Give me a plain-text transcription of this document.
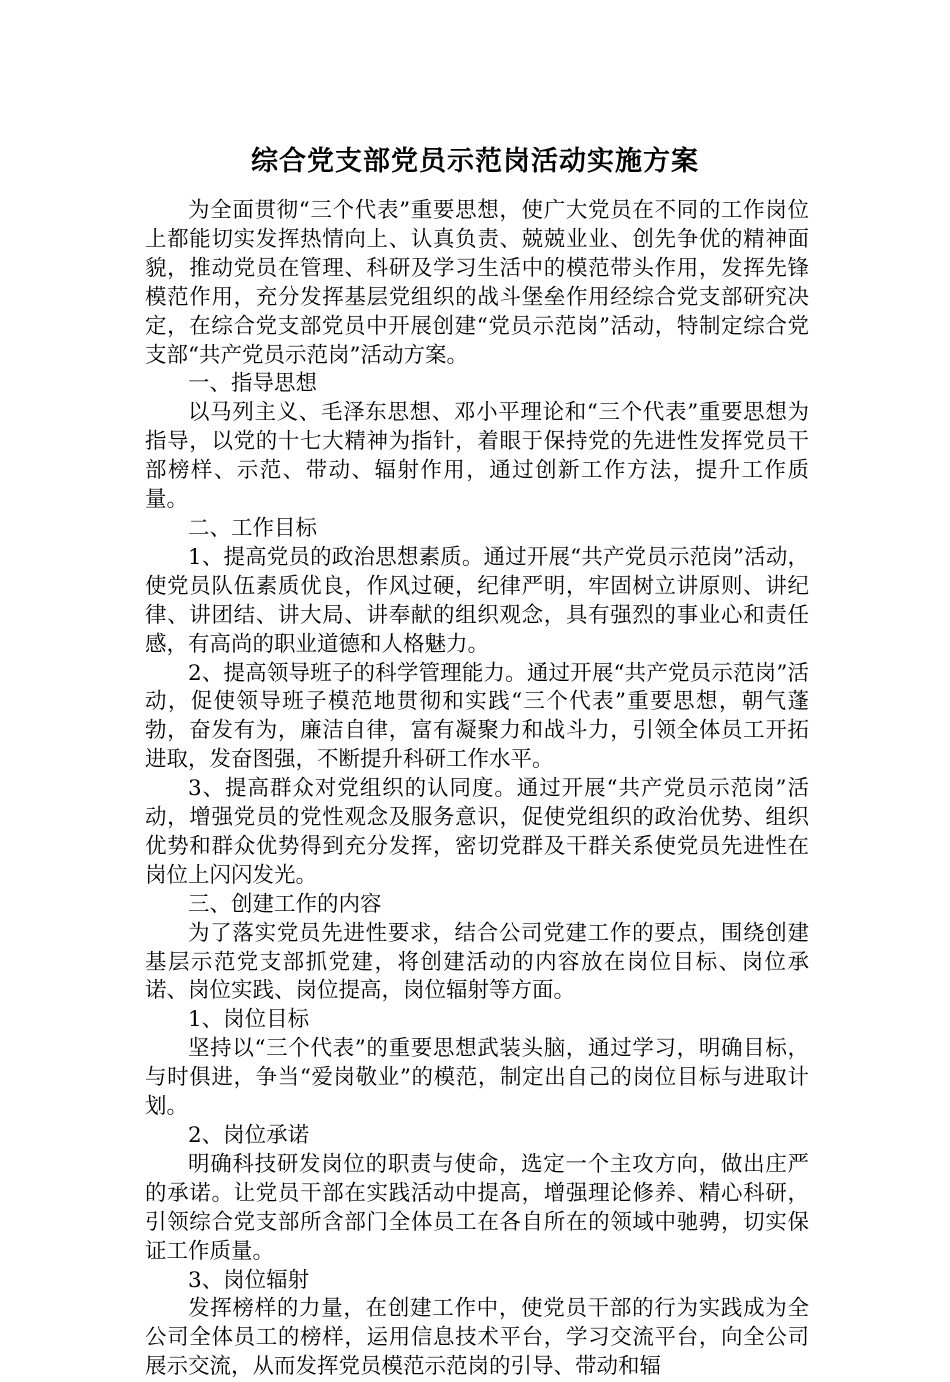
综合党支部党员示范岗活动实施方案

为全面贯彻“三个代表”重要思想，使广大党员在不同的工作岗位上都能切实发挥热情向上、认真负责、兢兢业业、创先争优的精神面貌，推动党员在管理、科研及学习生活中的模范带头作用，发挥先锋模范作用，充分发挥基层党组织的战斗堡垒作用经综合党支部研究决定，在综合党支部党员中开展创建“党员示范岗”活动，特制定综合党支部“共产党员示范岗”活动方案。

一、指导思想

以马列主义、毛泽东思想、邓小平理论和“三个代表”重要思想为指导，以党的十七大精神为指针，着眼于保持党的先进性发挥党员干部榜样、示范、带动、辐射作用，通过创新工作方法，提升工作质量。

二、工作目标

1、提高党员的政治思想素质。通过开展“共产党员示范岗”活动，使党员队伍素质优良，作风过硬，纪律严明，牢固树立讲原则、讲纪律、讲团结、讲大局、讲奉献的组织观念，具有强烈的事业心和责任感，有高尚的职业道德和人格魅力。

2、提高领导班子的科学管理能力。通过开展“共产党员示范岗”活动，促使领导班子模范地贯彻和实践“三个代表”重要思想，朝气蓬勃，奋发有为，廉洁自律，富有凝聚力和战斗力，引领全体员工开拓进取，发奋图强，不断提升科研工作水平。

3、提高群众对党组织的认同度。通过开展“共产党员示范岗”活动，增强党员的党性观念及服务意识，促使党组织的政治优势、组织优势和群众优势得到充分发挥，密切党群及干群关系使党员先进性在岗位上闪闪发光。

三、创建工作的内容

为了落实党员先进性要求，结合公司党建工作的要点，围绕创建基层示范党支部抓党建，将创建活动的内容放在岗位目标、岗位承诺、岗位实践、岗位提高，岗位辐射等方面。

1、岗位目标

坚持以“三个代表”的重要思想武装头脑，通过学习，明确目标，与时俱进，争当“爱岗敬业”的模范，制定出自己的岗位目标与进取计划。

2、岗位承诺

明确科技研发岗位的职责与使命，选定一个主攻方向，做出庄严的承诺。让党员干部在实践活动中提高，增强理论修养、精心科研，引领综合党支部所含部门全体员工在各自所在的领域中驰骋，切实保证工作质量。

3、岗位辐射

发挥榜样的力量，在创建工作中，使党员干部的行为实践成为全公司全体员工的榜样，运用信息技术平台，学习交流平台，向全公司展示交流，从而发挥党员模范示范岗的引导、带动和辐
